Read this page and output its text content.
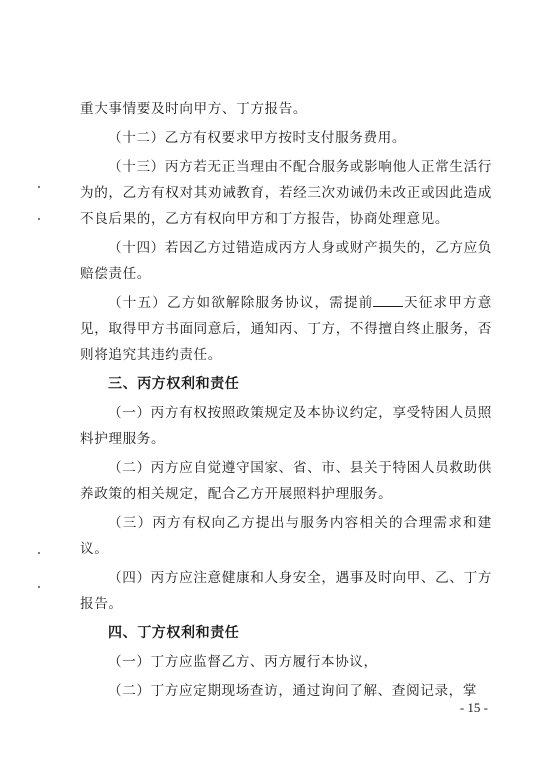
重大事情要及时向甲方、丁方报告。

（十二）乙方有权要求甲方按时支付服务费用。

（十三）丙方若无正当理由不配合服务或影响他人正常生活行为的，乙方有权对其劝诫教育，若经三次劝诫仍未改正或因此造成不良后果的，乙方有权向甲方和丁方报告，协商处理意见。

（十四）若因乙方过错造成丙方人身或财产损失的，乙方应负赔偿责任。

（十五）乙方如欲解除服务协议，需提前 天征求甲方意见，取得甲方书面同意后，通知丙、丁方，不得擅自终止服务，否则将追究其违约责任。

三、丙方权利和责任

（一）丙方有权按照政策规定及本协议约定，享受特困人员照料护理服务。

（二）丙方应自觉遵守国家、省、市、县关于特困人员救助供养政策的相关规定，配合乙方开展照料护理服务。

（三）丙方有权向乙方提出与服务内容相关的合理需求和建议。

（四）丙方应注意健康和人身安全，遇事及时向甲、乙、丁方报告。

四、丁方权利和责任

（一）丁方应监督乙方、丙方履行本协议，

（二）丁方应定期现场查访，通过询问了解、查阅记录，掌

- 15 -
